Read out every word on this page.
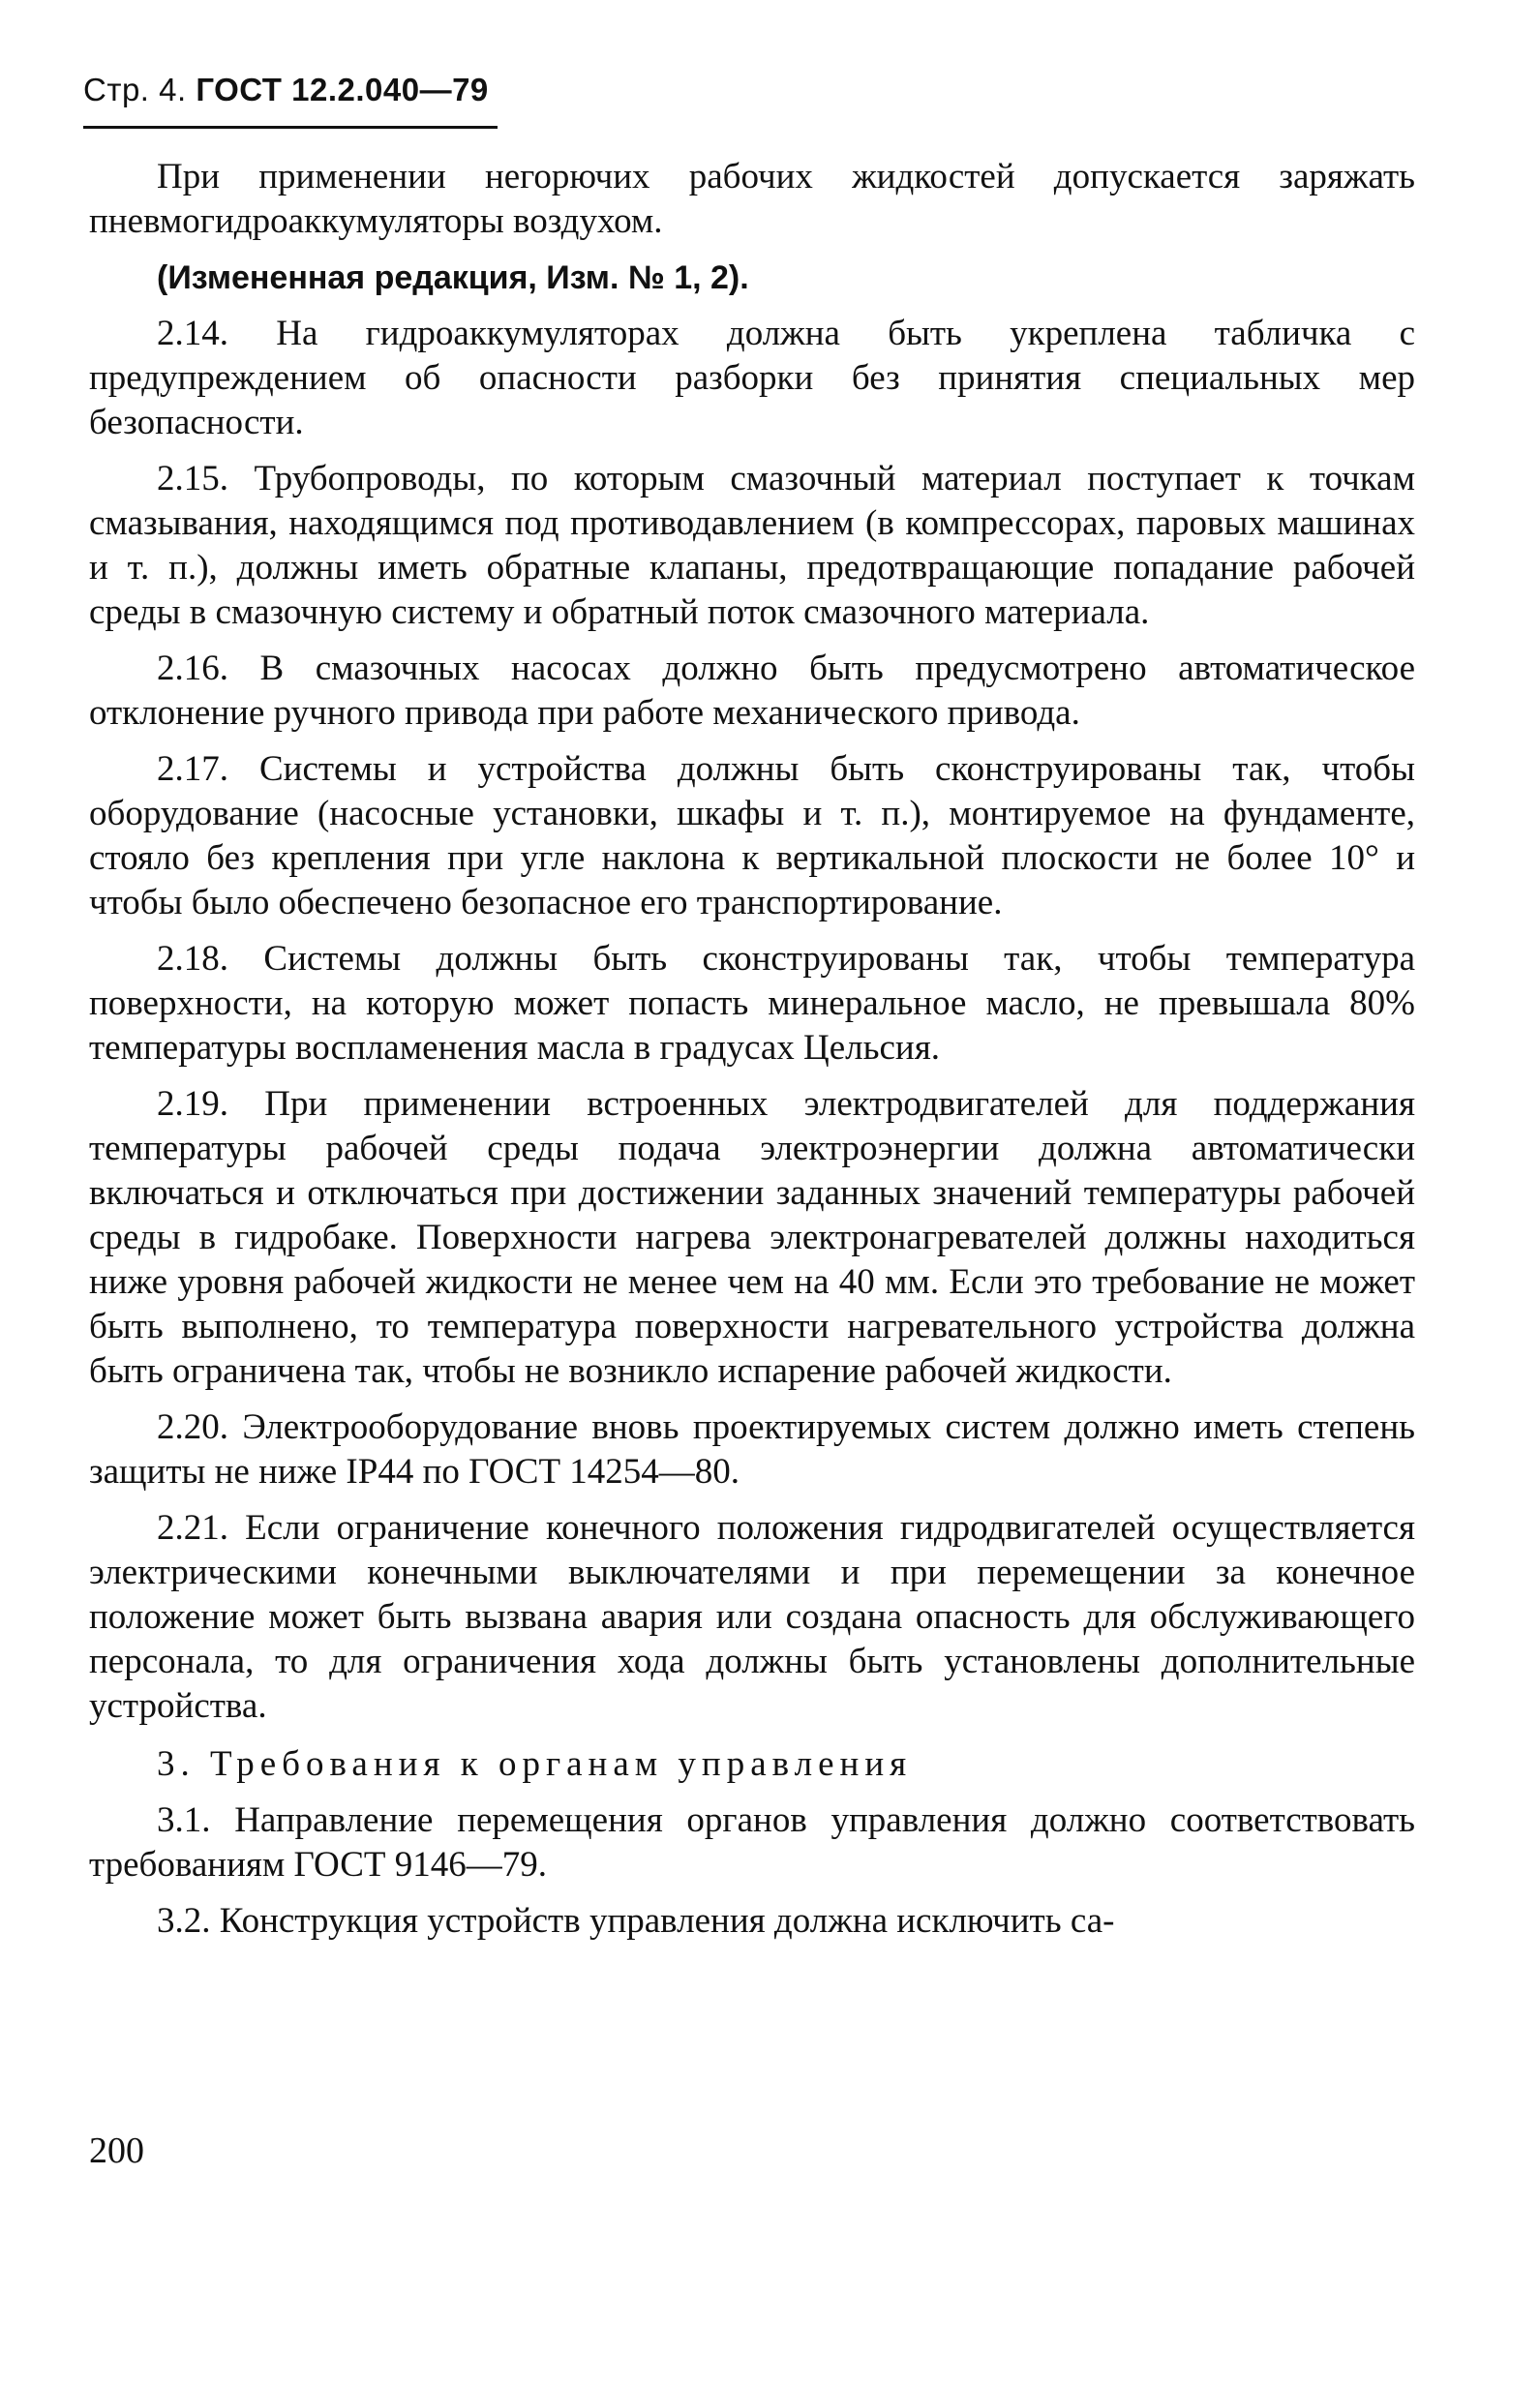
Стр. 4. ГОСТ 12.2.040—79

При применении негорючих рабочих жидкостей допускается заряжать пневмогидроаккумуляторы воздухом.

(Измененная редакция, Изм. № 1, 2).

2.14. На гидроаккумуляторах должна быть укреплена табличка с предупреждением об опасности разборки без принятия специальных мер безопасности.

2.15. Трубопроводы, по которым смазочный материал поступает к точкам смазывания, находящимся под противодавлением (в компрессорах, паровых машинах и т. п.), должны иметь обратные клапаны, предотвращающие попадание рабочей среды в смазочную систему и обратный поток смазочного материала.

2.16. В смазочных насосах должно быть предусмотрено автоматическое отклонение ручного привода при работе механического привода.

2.17. Системы и устройства должны быть сконструированы так, чтобы оборудование (насосные установки, шкафы и т. п.), монтируемое на фундаменте, стояло без крепления при угле наклона к вертикальной плоскости не более 10° и чтобы было обеспечено безопасное его транспортирование.

2.18. Системы должны быть сконструированы так, чтобы температура поверхности, на которую может попасть минеральное масло, не превышала 80% температуры воспламенения масла в градусах Цельсия.

2.19. При применении встроенных электродвигателей для поддержания температуры рабочей среды подача электроэнергии должна автоматически включаться и отключаться при достижении заданных значений температуры рабочей среды в гидробаке. Поверхности нагрева электронагревателей должны находиться ниже уровня рабочей жидкости не менее чем на 40 мм. Если это требование не может быть выполнено, то температура поверхности нагревательного устройства должна быть ограничена так, чтобы не возникло испарение рабочей жидкости.

2.20. Электрооборудование вновь проектируемых систем должно иметь степень защиты не ниже IP44 по ГОСТ 14254—80.

2.21. Если ограничение конечного положения гидродвигателей осуществляется электрическими конечными выключателями и при перемещении за конечное положение может быть вызвана авария или создана опасность для обслуживающего персонала, то для ограничения хода должны быть установлены дополнительные устройства.

3. Требования к органам управления

3.1. Направление перемещения органов управления должно соответствовать требованиям ГОСТ 9146—79.

3.2. Конструкция устройств управления должна исключить са-

200
